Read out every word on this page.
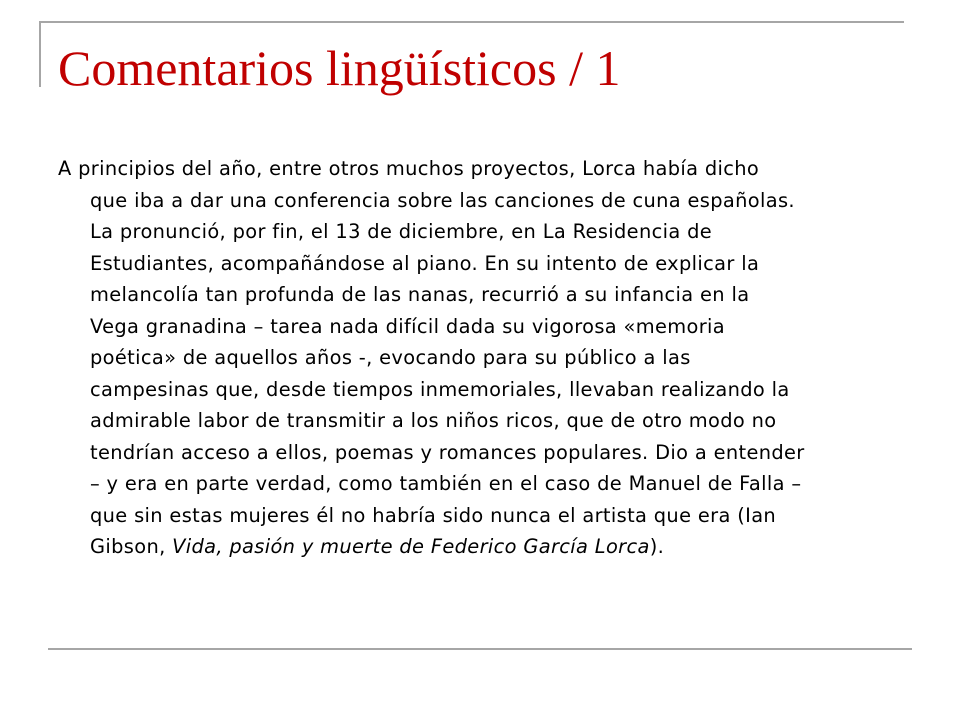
Comentarios lingüísticos / 1

A principios del año, entre otros muchos proyectos, Lorca había dicho
que iba a dar una conferencia sobre las canciones de cuna españolas.
La pronunció, por fin, el 13 de diciembre, en La Residencia de
Estudiantes, acompañándose al piano. En su intento de explicar la
melancolía tan profunda de las nanas, recurrió a su infancia en la
Vega granadina – tarea nada difícil dada su vigorosa «memoria
poética» de aquellos años -, evocando para su público a las
campesinas que, desde tiempos inmemoriales, llevaban realizando la
admirable labor de transmitir a los niños ricos, que de otro modo no
tendrían acceso a ellos, poemas y romances populares. Dio a entender
– y era en parte verdad, como también en el caso de Manuel de Falla –
que sin estas mujeres él no habría sido nunca el artista que era (Ian
Gibson, Vida, pasión y muerte de Federico García Lorca).
